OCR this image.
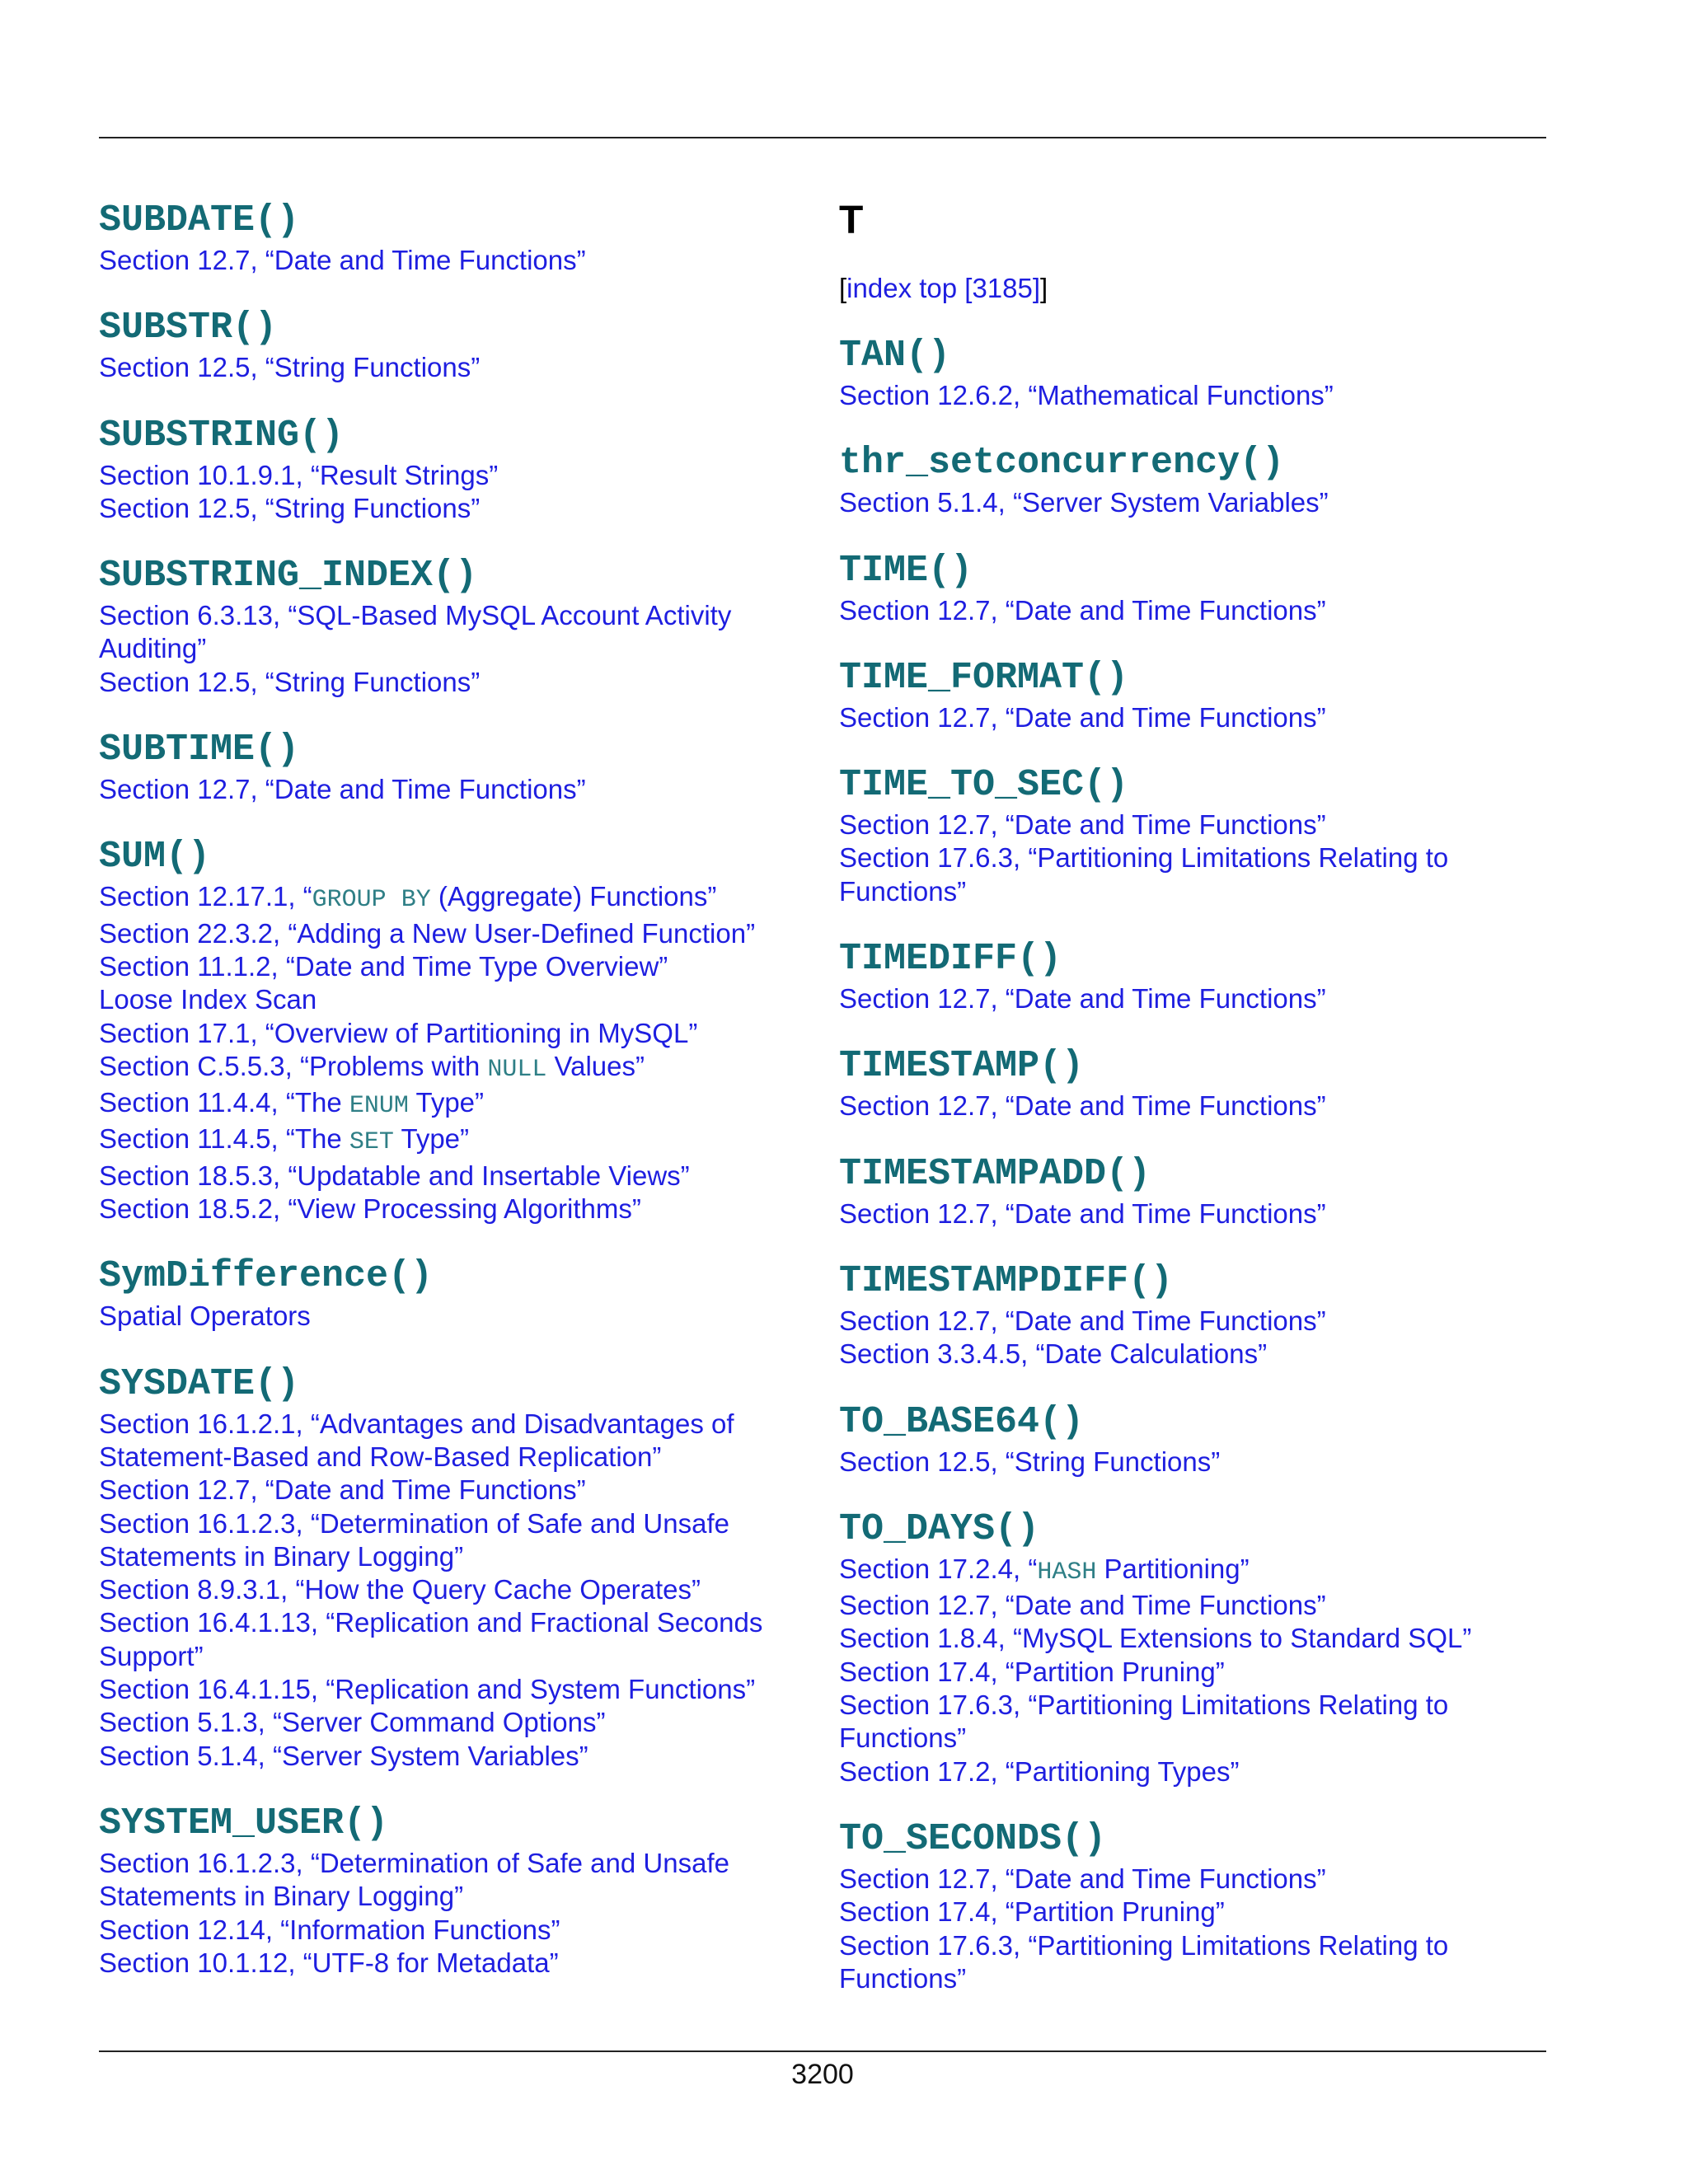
SUBDATE()
Section 12.7, “Date and Time Functions”
SUBSTR()
Section 12.5, “String Functions”
SUBSTRING()
Section 10.1.9.1, “Result Strings”
Section 12.5, “String Functions”
SUBSTRING_INDEX()
Section 6.3.13, “SQL-Based MySQL Account Activity Auditing”
Section 12.5, “String Functions”
SUBTIME()
Section 12.7, “Date and Time Functions”
SUM()
Section 12.17.1, “GROUP BY (Aggregate) Functions”
Section 22.3.2, “Adding a New User-Defined Function”
Section 11.1.2, “Date and Time Type Overview”
Loose Index Scan
Section 17.1, “Overview of Partitioning in MySQL”
Section C.5.5.3, “Problems with NULL Values”
Section 11.4.4, “The ENUM Type”
Section 11.4.5, “The SET Type”
Section 18.5.3, “Updatable and Insertable Views”
Section 18.5.2, “View Processing Algorithms”
SymDifference()
Spatial Operators
SYSDATE()
Section 16.1.2.1, “Advantages and Disadvantages of Statement-Based and Row-Based Replication”
Section 12.7, “Date and Time Functions”
Section 16.1.2.3, “Determination of Safe and Unsafe Statements in Binary Logging”
Section 8.9.3.1, “How the Query Cache Operates”
Section 16.4.1.13, “Replication and Fractional Seconds Support”
Section 16.4.1.15, “Replication and System Functions”
Section 5.1.3, “Server Command Options”
Section 5.1.4, “Server System Variables”
SYSTEM_USER()
Section 16.1.2.3, “Determination of Safe and Unsafe Statements in Binary Logging”
Section 12.14, “Information Functions”
Section 10.1.12, “UTF-8 for Metadata”
T
[index top [3185]]
TAN()
Section 12.6.2, “Mathematical Functions”
thr_setconcurrency()
Section 5.1.4, “Server System Variables”
TIME()
Section 12.7, “Date and Time Functions”
TIME_FORMAT()
Section 12.7, “Date and Time Functions”
TIME_TO_SEC()
Section 12.7, “Date and Time Functions”
Section 17.6.3, “Partitioning Limitations Relating to Functions”
TIMEDIFF()
Section 12.7, “Date and Time Functions”
TIMESTAMP()
Section 12.7, “Date and Time Functions”
TIMESTAMPADD()
Section 12.7, “Date and Time Functions”
TIMESTAMPDIFF()
Section 12.7, “Date and Time Functions”
Section 3.3.4.5, “Date Calculations”
TO_BASE64()
Section 12.5, “String Functions”
TO_DAYS()
Section 17.2.4, “HASH Partitioning”
Section 12.7, “Date and Time Functions”
Section 1.8.4, “MySQL Extensions to Standard SQL”
Section 17.4, “Partition Pruning”
Section 17.6.3, “Partitioning Limitations Relating to Functions”
Section 17.2, “Partitioning Types”
TO_SECONDS()
Section 12.7, “Date and Time Functions”
Section 17.4, “Partition Pruning”
Section 17.6.3, “Partitioning Limitations Relating to Functions”
3200
